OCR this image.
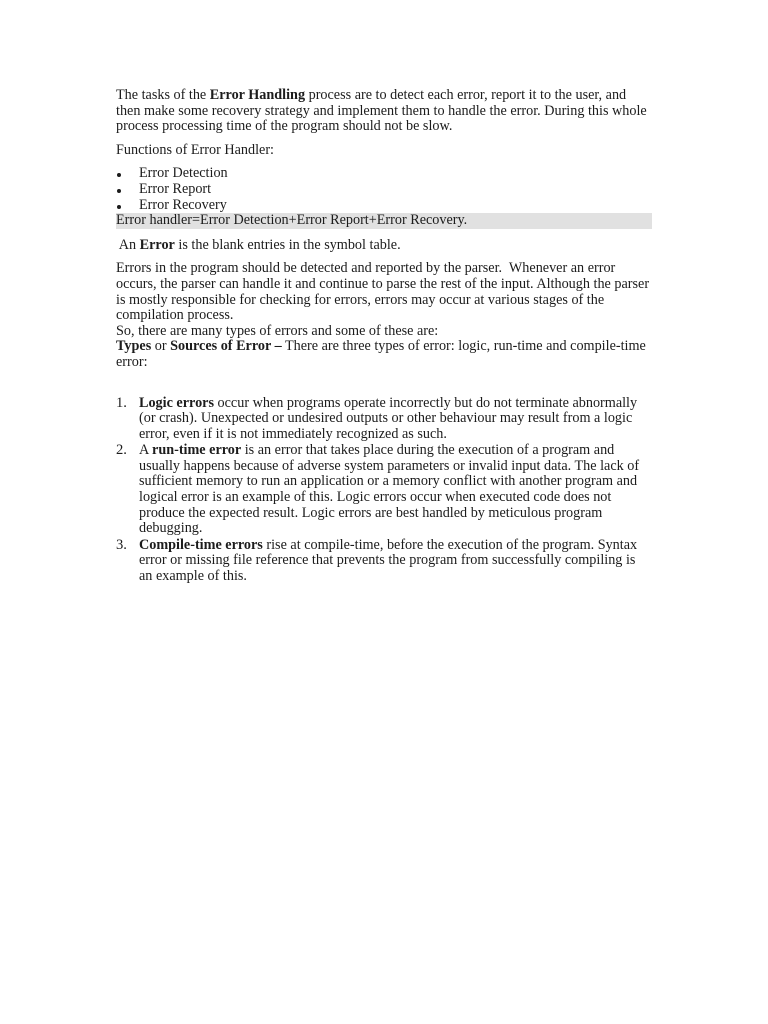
The tasks of the Error Handling process are to detect each error, report it to the user, and then make some recovery strategy and implement them to handle the error. During this whole process processing time of the program should not be slow.

Functions of Error Handler:

Error Detection
Error Report
Error Recovery

Error handler=Error Detection+Error Report+Error Recovery.

An Error is the blank entries in the symbol table.

Errors in the program should be detected and reported by the parser.  Whenever an error occurs, the parser can handle it and continue to parse the rest of the input. Although the parser is mostly responsible for checking for errors, errors may occur at various stages of the compilation process.

So, there are many types of errors and some of these are:

Types or Sources of Error – There are three types of error: logic, run-time and compile-time error:

1. Logic errors occur when programs operate incorrectly but do not terminate abnormally (or crash). Unexpected or undesired outputs or other behaviour may result from a logic error, even if it is not immediately recognized as such.
2. A run-time error is an error that takes place during the execution of a program and usually happens because of adverse system parameters or invalid input data. The lack of sufficient memory to run an application or a memory conflict with another program and logical error is an example of this. Logic errors occur when executed code does not produce the expected result. Logic errors are best handled by meticulous program debugging.
3. Compile-time errors rise at compile-time, before the execution of the program. Syntax error or missing file reference that prevents the program from successfully compiling is an example of this.
